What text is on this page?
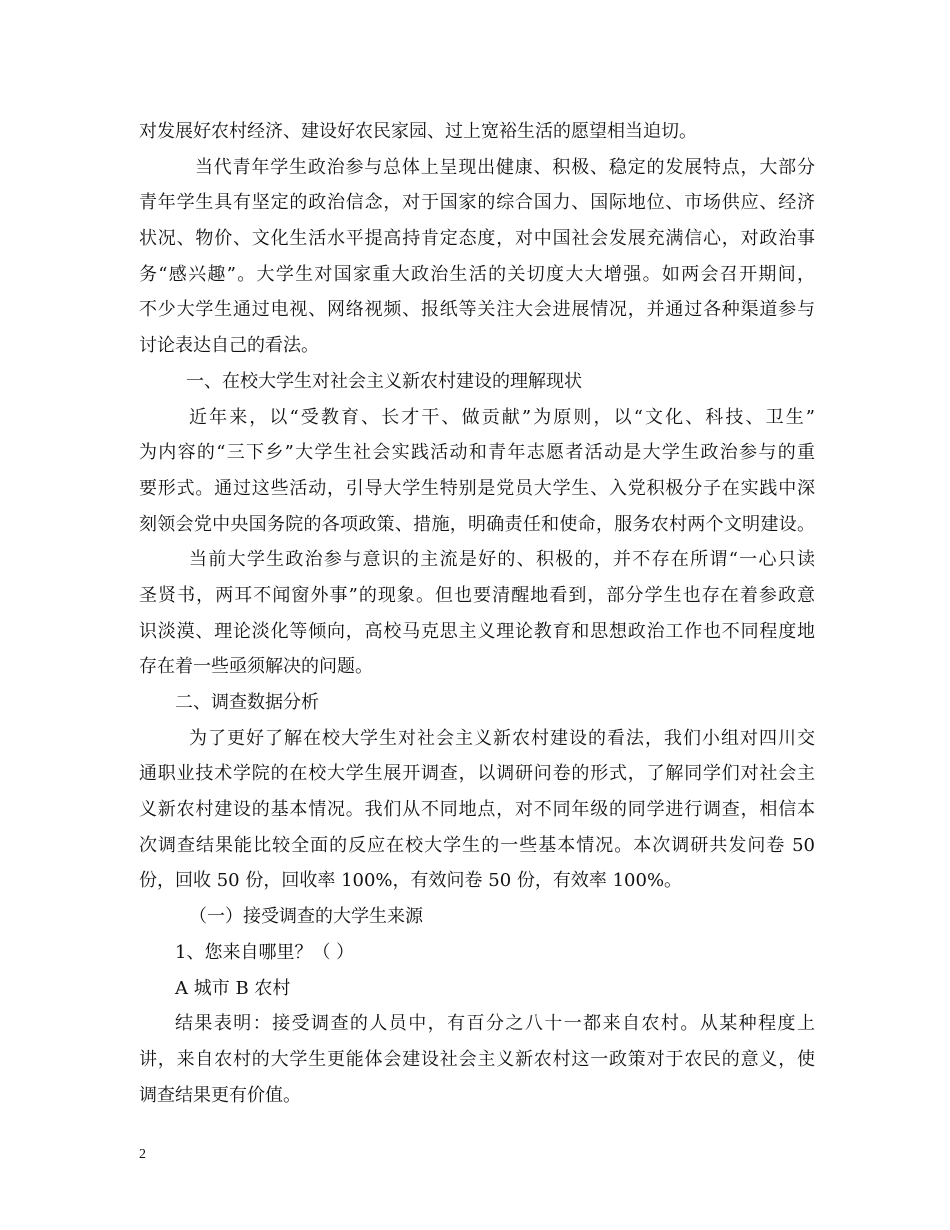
对发展好农村经济、建设好农民家园、过上宽裕生活的愿望相当迫切。
当代青年学生政治参与总体上呈现出健康、积极、稳定的发展特点，大部分
青年学生具有坚定的政治信念，对于国家的综合国力、国际地位、市场供应、经济
状况、物价、文化生活水平提高持肯定态度，对中国社会发展充满信心，对政治事
务“感兴趣”。大学生对国家重大政治生活的关切度大大增强。如两会召开期间，
不少大学生通过电视、网络视频、报纸等关注大会进展情况，并通过各种渠道参与
讨论表达自己的看法。
一、在校大学生对社会主义新农村建设的理解现状
近年来，以“受教育、长才干、做贡献”为原则，以“文化、科技、卫生”
为内容的“三下乡”大学生社会实践活动和青年志愿者活动是大学生政治参与的重
要形式。通过这些活动，引导大学生特别是党员大学生、入党积极分子在实践中深
刻领会党中央国务院的各项政策、措施，明确责任和使命，服务农村两个文明建设。
当前大学生政治参与意识的主流是好的、积极的，并不存在所谓“一心只读
圣贤书，两耳不闻窗外事”的现象。但也要清醒地看到，部分学生也存在着参政意
识淡漠、理论淡化等倾向，高校马克思主义理论教育和思想政治工作也不同程度地
存在着一些亟须解决的问题。
二、调查数据分析
为了更好了解在校大学生对社会主义新农村建设的看法，我们小组对四川交
通职业技术学院的在校大学生展开调查，以调研问卷的形式，了解同学们对社会主
义新农村建设的基本情况。我们从不同地点，对不同年级的同学进行调查，相信本
次调查结果能比较全面的反应在校大学生的一些基本情况。本次调研共发问卷 50
份，回收 50 份，回收率 100%，有效问卷 50 份，有效率 100%。
（一）接受调查的大学生来源
1、您来自哪里？（ ）
A 城市 B 农村
结果表明：接受调查的人员中，有百分之八十一都来自农村。从某种程度上
讲，来自农村的大学生更能体会建设社会主义新农村这一政策对于农民的意义，使
调查结果更有价值。
2
